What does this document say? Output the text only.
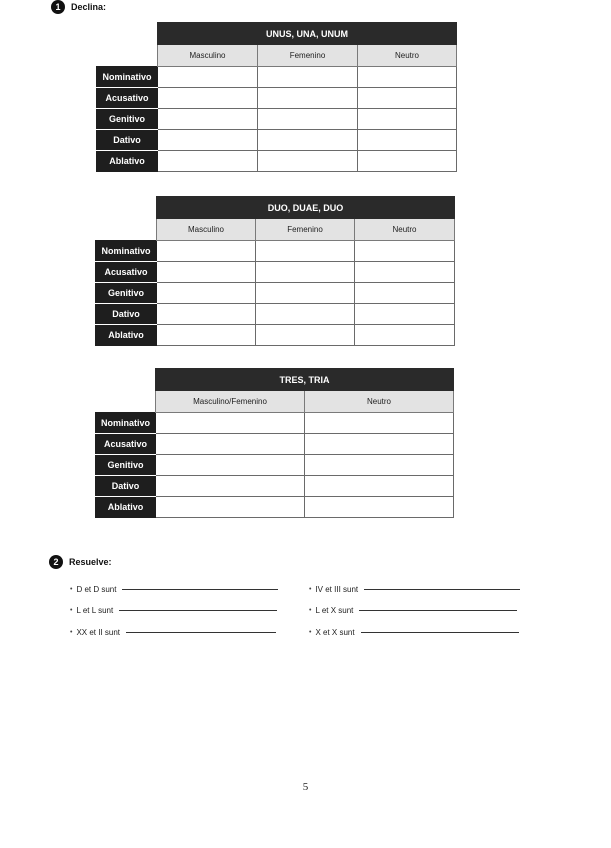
1	Declina:
	UNUS, UNA, UNUM		
	Masculino	Femenino	Neutro
Nominativo			
Acusativo			
Genitivo			
Dativo			
Ablativo			
	DUO, DUAE, DUO		
	Masculino	Femenino	Neutro
Nominativo			
Acusativo			
Genitivo			
Dativo			
Ablativo			
	TRES, TRIA	
	Masculino/Femenino	Neutro
Nominativo		
Acusativo		
Genitivo		
Dativo		
Ablativo		
2	Resuelve:
• D et D sunt	• IV et III sunt
• L et L sunt	• L et X sunt
• XX et II sunt	• X et X sunt
5
